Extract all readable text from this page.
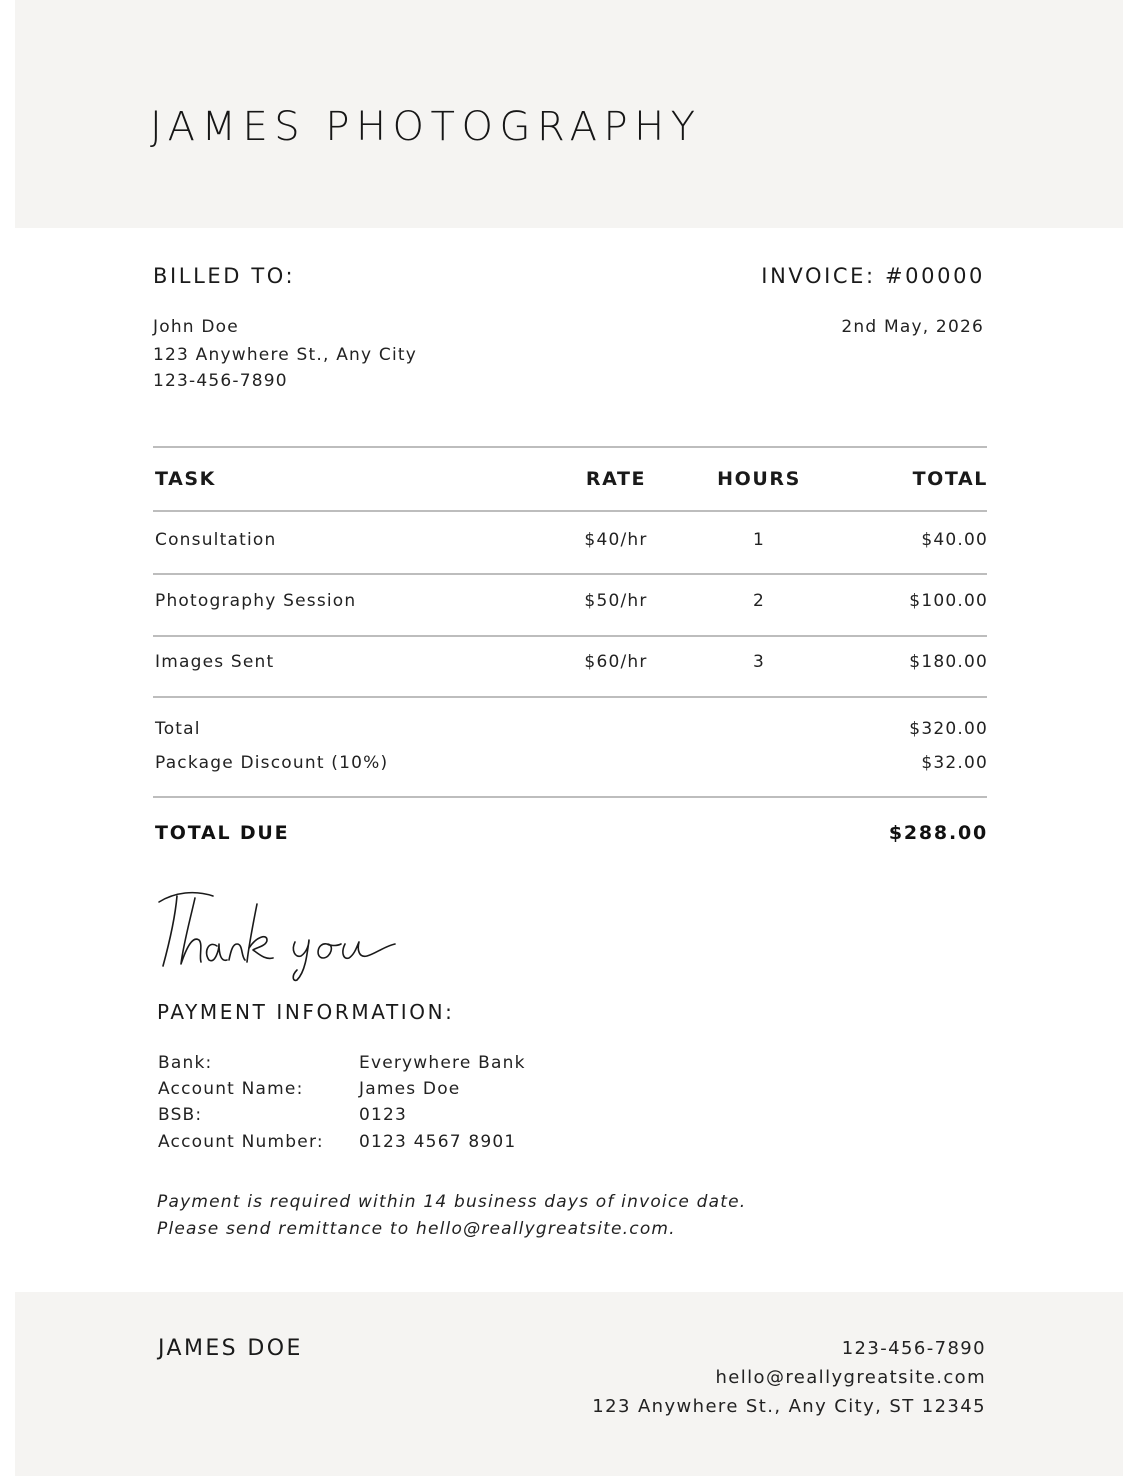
JAMES PHOTOGRAPHY
BILLED TO:
John Doe
123 Anywhere St., Any City
123-456-7890
INVOICE: #00000
2nd May, 2026
TASK	RATE	HOURS	TOTAL
Consultation	$40/hr	1	$40.00
Photography Session	$50/hr	2	$100.00
Images Sent	$60/hr	3	$180.00
Total	$320.00
Package Discount (10%)	$32.00
TOTAL DUE	$288.00
PAYMENT INFORMATION:
Bank:	Everywhere Bank
Account Name:	James Doe
BSB:	0123
Account Number: 0123 4567 8901
Payment is required within 14 business days of invoice date.
Please send remittance to hello@reallygreatsite.com.
JAMES DOE	123-456-7890
hello@reallygreatsite.com
123 Anywhere St., Any City, ST 12345
